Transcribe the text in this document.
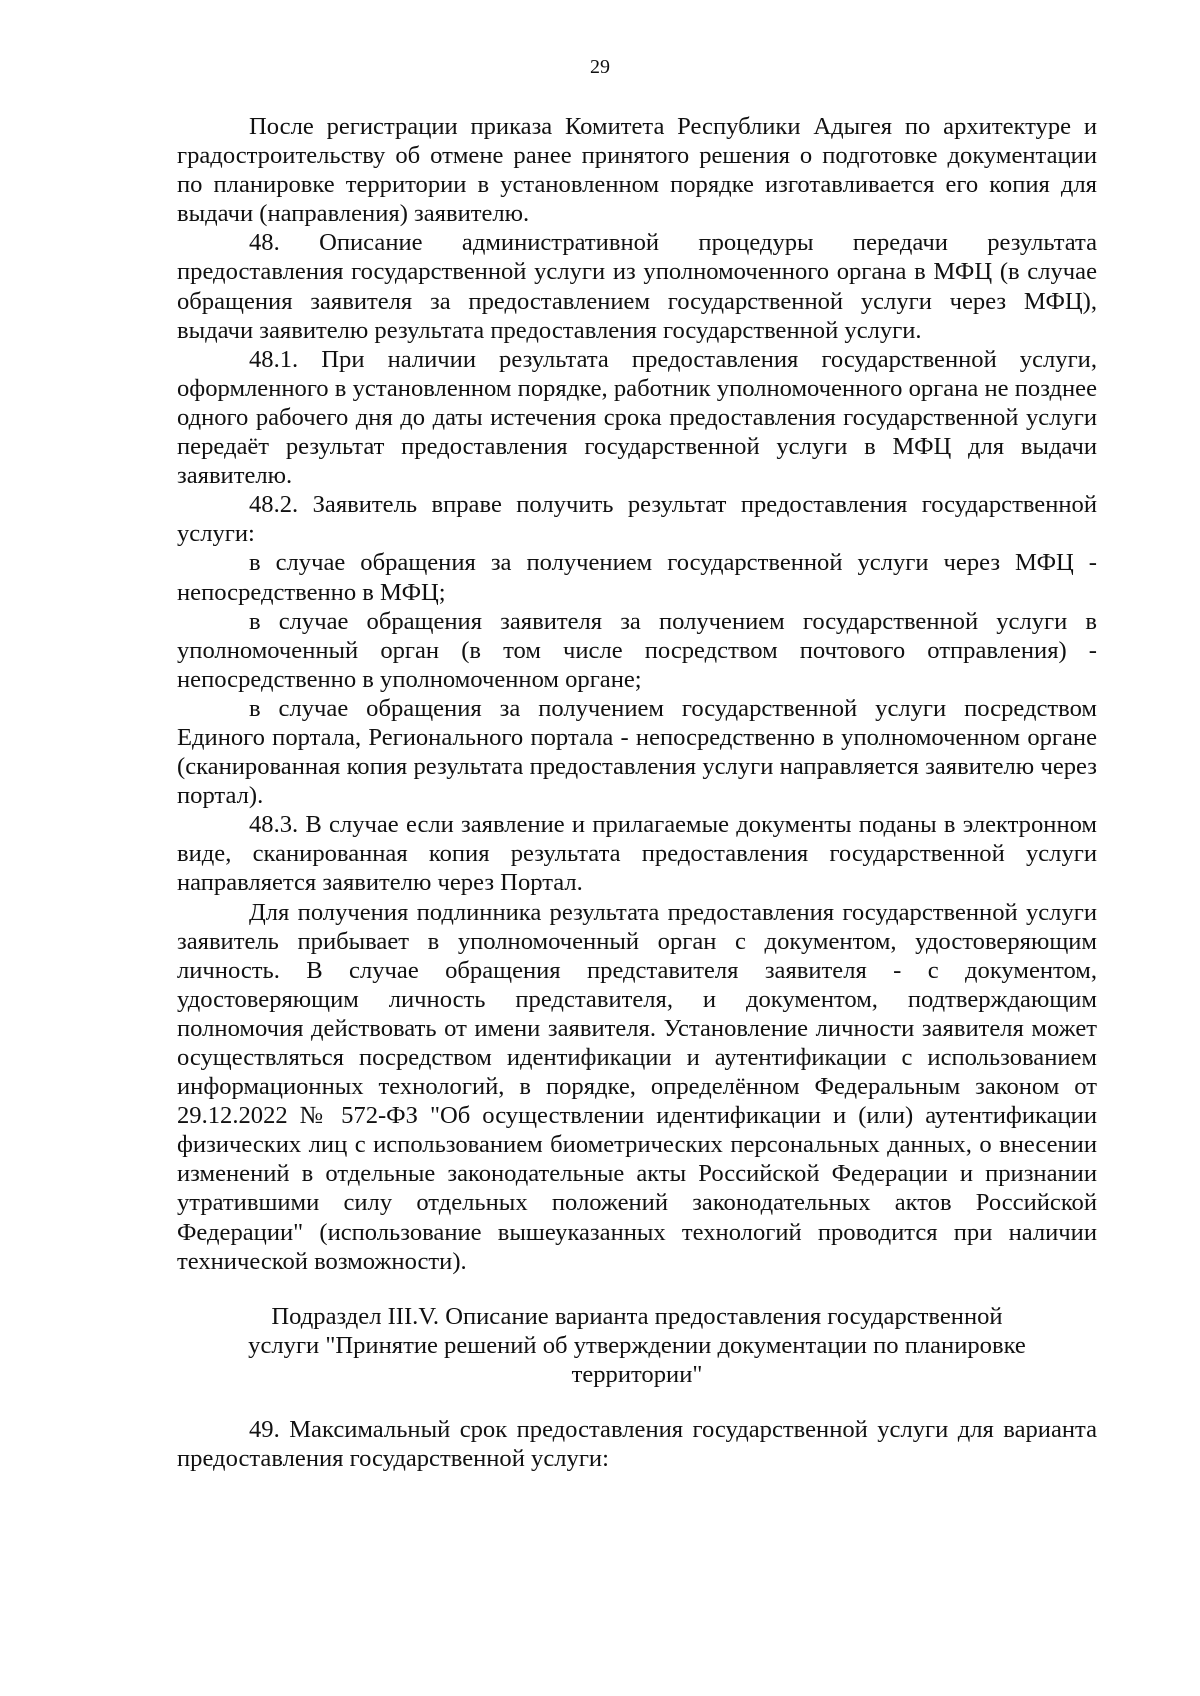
29

После регистрации приказа Комитета Республики Адыгея по архитектуре и градостроительству об отмене ранее принятого решения о подготовке документации по планировке территории в установленном порядке изготавливается его копия для выдачи (направления) заявителю.

48. Описание административной процедуры передачи результата предоставления государственной услуги из уполномоченного органа в МФЦ (в случае обращения заявителя за предоставлением государственной услуги через МФЦ), выдачи заявителю результата предоставления государственной услуги.

48.1. При наличии результата предоставления государственной услуги, оформленного в установленном порядке, работник уполномоченного органа не позднее одного рабочего дня до даты истечения срока предоставления государственной услуги передаёт результат предоставления государственной услуги в МФЦ для выдачи заявителю.

48.2. Заявитель вправе получить результат предоставления государственной услуги:

в случае обращения за получением государственной услуги через МФЦ - непосредственно в МФЦ;

в случае обращения заявителя за получением государственной услуги в уполномоченный орган (в том числе посредством почтового отправления) - непосредственно в уполномоченном органе;

в случае обращения за получением государственной услуги посредством Единого портала, Регионального портала - непосредственно в уполномоченном органе (сканированная копия результата предоставления услуги направляется заявителю через портал).

48.3. В случае если заявление и прилагаемые документы поданы в электронном виде, сканированная копия результата предоставления государственной услуги направляется заявителю через Портал.

Для получения подлинника результата предоставления государственной услуги заявитель прибывает в уполномоченный орган с документом, удостоверяющим личность. В случае обращения представителя заявителя - с документом, удостоверяющим личность представителя, и документом, подтверждающим полномочия действовать от имени заявителя. Установление личности заявителя может осуществляться посредством идентификации и аутентификации с использованием информационных технологий, в порядке, определённом Федеральным законом от 29.12.2022 № 572-ФЗ "Об осуществлении идентификации и (или) аутентификации физических лиц с использованием биометрических персональных данных, о внесении изменений в отдельные законодательные акты Российской Федерации и признании утратившими силу отдельных положений законодательных актов Российской Федерации" (использование вышеуказанных технологий проводится при наличии технической возможности).

Подраздел III.V. Описание варианта предоставления государственной
услуги "Принятие решений об утверждении документации по планировке
территории"

49. Максимальный срок предоставления государственной услуги для варианта предоставления государственной услуги:
